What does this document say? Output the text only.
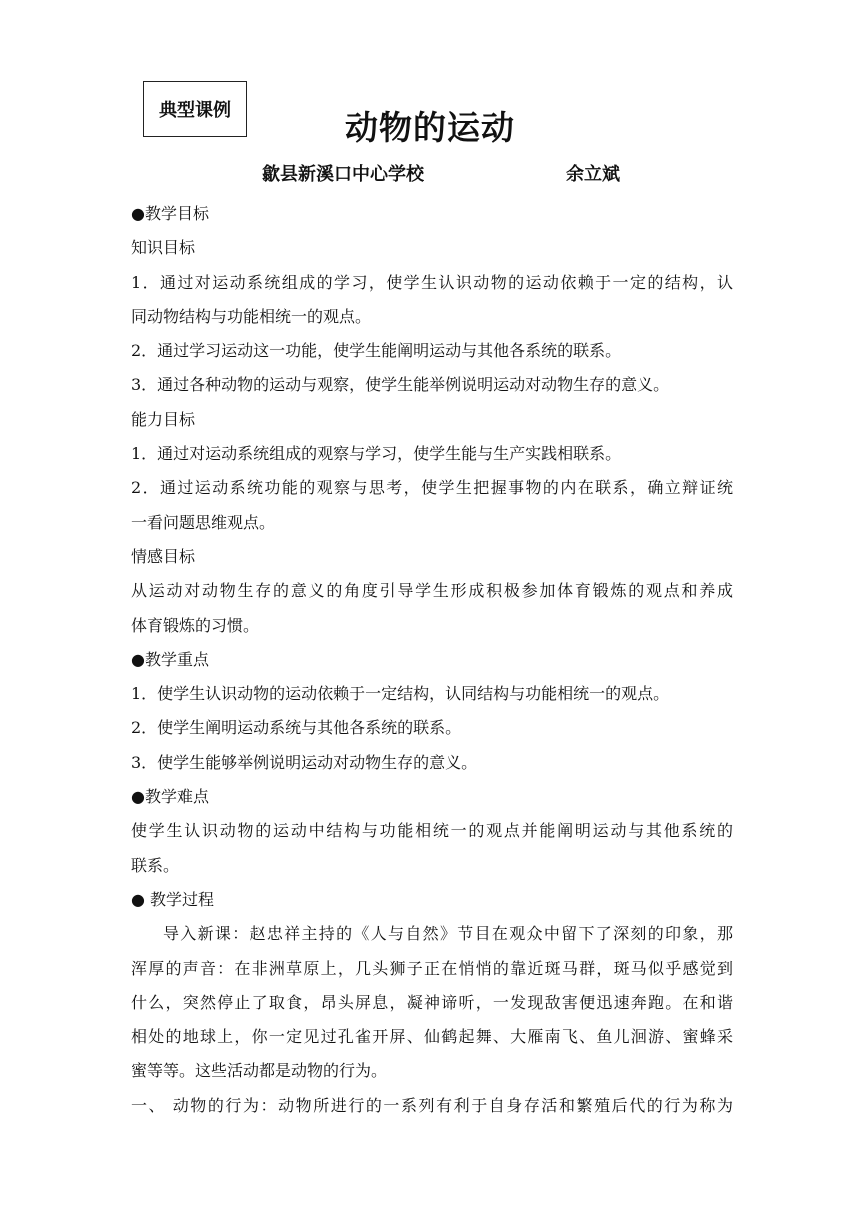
典型课例	动物的运动
歙县新溪口中心学校	余立斌
●教学目标
知识目标
1．通过对运动系统组成的学习，使学生认识动物的运动依赖于一定的结构，认
同动物结构与功能相统一的观点。
2．通过学习运动这一功能，使学生能阐明运动与其他各系统的联系。
3．通过各种动物的运动与观察，使学生能举例说明运动对动物生存的意义。
能力目标
1．通过对运动系统组成的观察与学习，使学生能与生产实践相联系。
2．通过运动系统功能的观察与思考，使学生把握事物的内在联系，确立辩证统
一看问题思维观点。
情感目标
从运动对动物生存的意义的角度引导学生形成积极参加体育锻炼的观点和养成
体育锻炼的习惯。
●教学重点
1．使学生认识动物的运动依赖于一定结构，认同结构与功能相统一的观点。
2．使学生阐明运动系统与其他各系统的联系。
3．使学生能够举例说明运动对动物生存的意义。
●教学难点
使学生认识动物的运动中结构与功能相统一的观点并能阐明运动与其他系统的
联系。
● 教学过程
导入新课：赵忠祥主持的《人与自然》节目在观众中留下了深刻的印象，那
浑厚的声音：在非洲草原上，几头狮子正在悄悄的靠近斑马群，斑马似乎感觉到
什么，突然停止了取食，昂头屏息，凝神谛听，一发现敌害便迅速奔跑。在和谐
相处的地球上，你一定见过孔雀开屏、仙鹤起舞、大雁南飞、鱼儿洄游、蜜蜂采
蜜等等。这些活动都是动物的行为。
一、 动物的行为：动物所进行的一系列有利于自身存活和繁殖后代的行为称为
